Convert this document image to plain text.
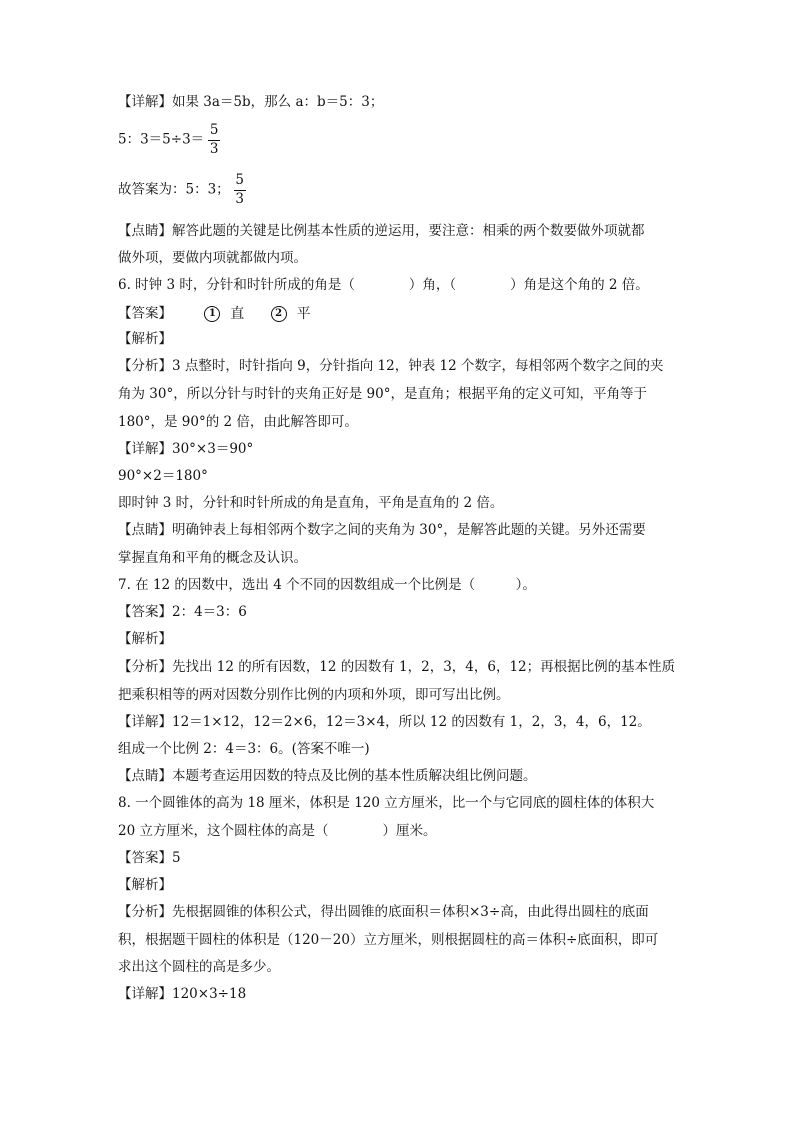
【详解】如果 3a＝5b，那么 a：b＝5：3；
5：$3=5\div 3= \frac{5}{3}$
故答案为：5：3； $\frac{5}{3}$
【点睛】解答此题的关键是比例基本性质的逆运用，要注意：相乘的两个数要做外项就都
做外项，要做内项就都做内项。
6. 时钟 3 时，分针和时针所成的角是（　　　　）角，（　　　　）角是这个角的 2 倍。
【答案】	1 直	2 平
【解析】
【分析】3 点整时，时针指向 9，分针指向 12，钟表 12 个数字，每相邻两个数字之间的夹
角为 30°，所以分针与时针的夹角正好是 90°，是直角；根据平角的定义可知，平角等于
180°，是 90°的 2 倍，由此解答即可。
【详解】30°×3＝90°
90°×2＝180°
即时钟 3 时，分针和时针所成的角是直角，平角是直角的 2 倍。
【点睛】明确钟表上每相邻两个数字之间的夹角为 30°，是解答此题的关键。另外还需要
掌握直角和平角的概念及认识。
7. 在 12 的因数中，选出 4 个不同的因数组成一个比例是（　　　）。
【答案】2：4＝3：6
【解析】
【分析】先找出 12 的所有因数，12 的因数有 1，2，3，4，6，12；再根据比例的基本性质
把乘积相等的两对因数分别作比例的内项和外项，即可写出比例。
【详解】12＝1×12，12＝2×6，12＝3×4，所以 12 的因数有 1，2，3，4，6，12。
组成一个比例 2：4＝3：6。(答案不唯一)
【点睛】本题考查运用因数的特点及比例的基本性质解决组比例问题。
8. 一个圆锥体的高为 18 厘米，体积是 120 立方厘米，比一个与它同底的圆柱体的体积大
20 立方厘米，这个圆柱体的高是（　　　　）厘米。
【答案】5
【解析】
【分析】先根据圆锥的体积公式，得出圆锥的底面积＝体积×3÷高，由此得出圆柱的底面
积，根据题干圆柱的体积是（120－20）立方厘米，则根据圆柱的高＝体积÷底面积，即可
求出这个圆柱的高是多少。
【详解】120×3÷18
